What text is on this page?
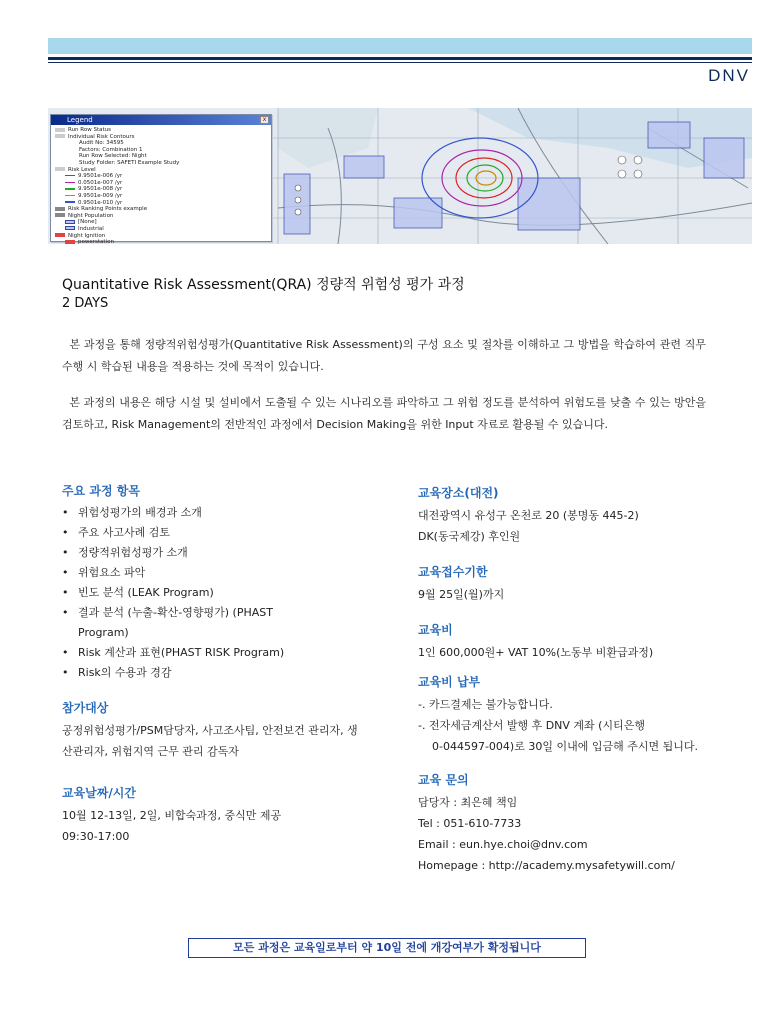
DNV
Legend	x
Run Row Status
Individual Risk Contours
Audit No: 34595
Factors: Combination 1
Run Row Selected: Night
Study Folder: SAFETI Example Study
Risk Level
9.9501e-006 /yr
0.0501e-007 /yr
9.9501e-008 /yr
9.9501e-009 /yr
0.9501e-010 /yr
Risk Ranking Points example
Night Population
[None]
Industrial
Night Ignition
powerstation
Quantitative Risk Assessment(QRA) 정량적 위험성 평가 과정
2 DAYS

본 과정을 통해 정량적위험성평가(Quantitative Risk Assessment)의 구성 요소 및 절차를 이해하고 그 방법을 학습하여 관련 직무 수행 시 학습된 내용을 적용하는 것에 목적이 있습니다.

본 과정의 내용은 해당 시설 및 설비에서 도출될 수 있는 시나리오를 파악하고 그 위험 정도를 분석하여 위험도를 낮출 수 있는 방안을 검토하고, Risk Management의 전반적인 과정에서 Decision Making을 위한 Input 자료로 활용될 수 있습니다.

주요 과정 항목
• 위험성평가의 배경과 소개
• 주요 사고사례 검토
• 정량적위험성평가 소개
• 위험요소 파악
• 빈도 분석 (LEAK Program)
• 결과 분석 (누출-확산-영향평가) (PHAST Program)
• Risk 계산과 표현(PHAST RISK Program)
• Risk의 수용과 경감
참가대상
공정위험성평가/PSM담당자, 사고조사팀, 안전보건 관리자, 생산관리자, 위험지역 근무 관리 감독자
교육날짜/시간
10월 12-13일, 2일, 비합숙과정, 중식만 제공
09:30-17:00
교육장소(대전)
대전광역시 유성구 온천로 20 (봉명동 445-2)
DK(동국제강) 후인원
교육접수기한
9월 25일(월)까지
교육비
1인 600,000원+ VAT 10%(노동부 비환급과정)
교육비 납부
-. 카드결제는 불가능합니다.
-. 전자세금계산서 발행 후 DNV 계좌 (시티은행
0-044597-004)로 30일 이내에 입금해 주시면 됩니다.
교육 문의
담당자 : 최은혜 책임
Tel : 051-610-7733
Email : eun.hye.choi@dnv.com
Homepage : http://academy.mysafetywill.com/
모든 과정은 교육일로부터 약 10일 전에 개강여부가 확정됩니다
